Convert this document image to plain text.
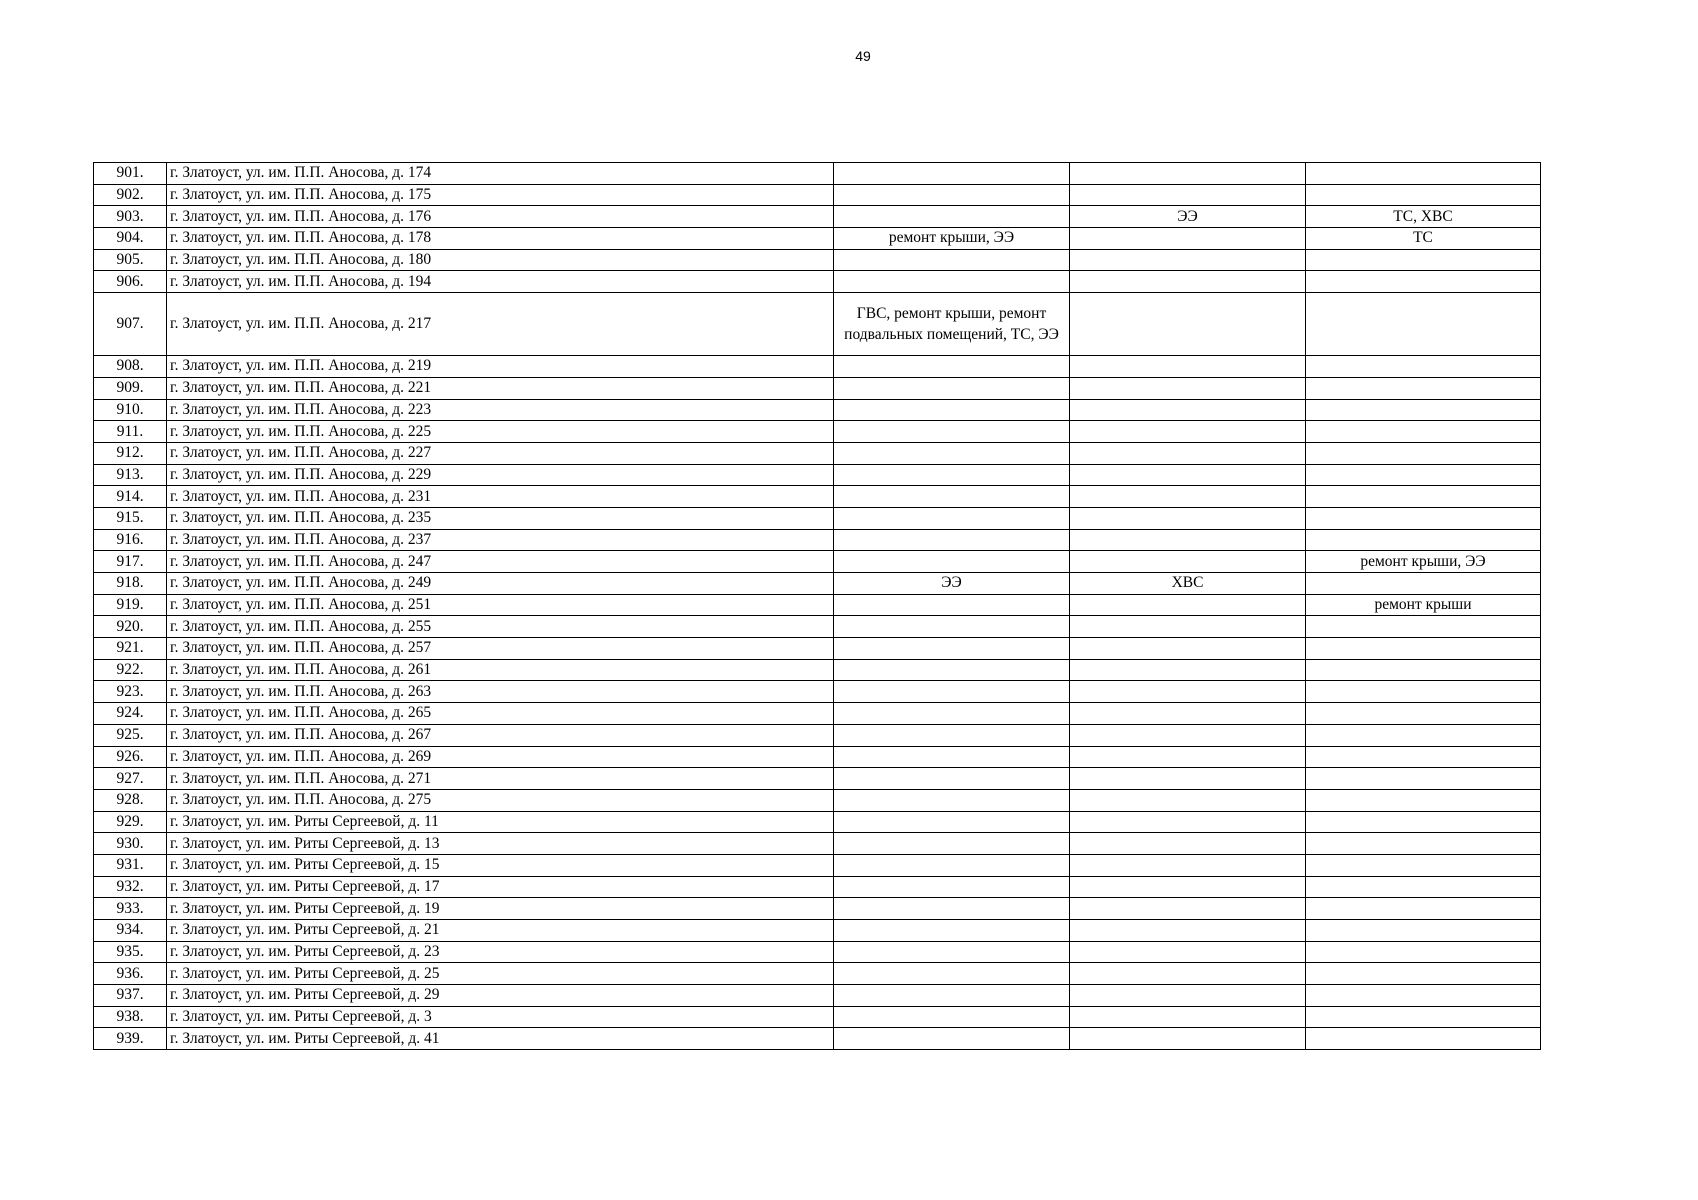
49
901.	г. Златоуст, ул. им. П.П. Аносова, д. 174			
902.	г. Златоуст, ул. им. П.П. Аносова, д. 175			
903.	г. Златоуст, ул. им. П.П. Аносова, д. 176		ЭЭ	ТС, ХВС
904.	г. Златоуст, ул. им. П.П. Аносова, д. 178	ремонт крыши, ЭЭ		ТС
905.	г. Златоуст, ул. им. П.П. Аносова, д. 180			
906.	г. Златоуст, ул. им. П.П. Аносова, д. 194			
907.	г. Златоуст, ул. им. П.П. Аносова, д. 217	ГВС, ремонт крыши, ремонт подвальных помещений, ТС, ЭЭ		
908.	г. Златоуст, ул. им. П.П. Аносова, д. 219			
909.	г. Златоуст, ул. им. П.П. Аносова, д. 221			
910.	г. Златоуст, ул. им. П.П. Аносова, д. 223			
911.	г. Златоуст, ул. им. П.П. Аносова, д. 225			
912.	г. Златоуст, ул. им. П.П. Аносова, д. 227			
913.	г. Златоуст, ул. им. П.П. Аносова, д. 229			
914.	г. Златоуст, ул. им. П.П. Аносова, д. 231			
915.	г. Златоуст, ул. им. П.П. Аносова, д. 235			
916.	г. Златоуст, ул. им. П.П. Аносова, д. 237			
917.	г. Златоуст, ул. им. П.П. Аносова, д. 247			ремонт крыши, ЭЭ
918.	г. Златоуст, ул. им. П.П. Аносова, д. 249	ЭЭ	ХВС	
919.	г. Златоуст, ул. им. П.П. Аносова, д. 251			ремонт крыши
920.	г. Златоуст, ул. им. П.П. Аносова, д. 255			
921.	г. Златоуст, ул. им. П.П. Аносова, д. 257			
922.	г. Златоуст, ул. им. П.П. Аносова, д. 261			
923.	г. Златоуст, ул. им. П.П. Аносова, д. 263			
924.	г. Златоуст, ул. им. П.П. Аносова, д. 265			
925.	г. Златоуст, ул. им. П.П. Аносова, д. 267			
926.	г. Златоуст, ул. им. П.П. Аносова, д. 269			
927.	г. Златоуст, ул. им. П.П. Аносова, д. 271			
928.	г. Златоуст, ул. им. П.П. Аносова, д. 275			
929.	г. Златоуст, ул. им. Риты Сергеевой, д. 11			
930.	г. Златоуст, ул. им. Риты Сергеевой, д. 13			
931.	г. Златоуст, ул. им. Риты Сергеевой, д. 15			
932.	г. Златоуст, ул. им. Риты Сергеевой, д. 17			
933.	г. Златоуст, ул. им. Риты Сергеевой, д. 19			
934.	г. Златоуст, ул. им. Риты Сергеевой, д. 21			
935.	г. Златоуст, ул. им. Риты Сергеевой, д. 23			
936.	г. Златоуст, ул. им. Риты Сергеевой, д. 25			
937.	г. Златоуст, ул. им. Риты Сергеевой, д. 29			
938.	г. Златоуст, ул. им. Риты Сергеевой, д. 3			
939.	г. Златоуст, ул. им. Риты Сергеевой, д. 41			
